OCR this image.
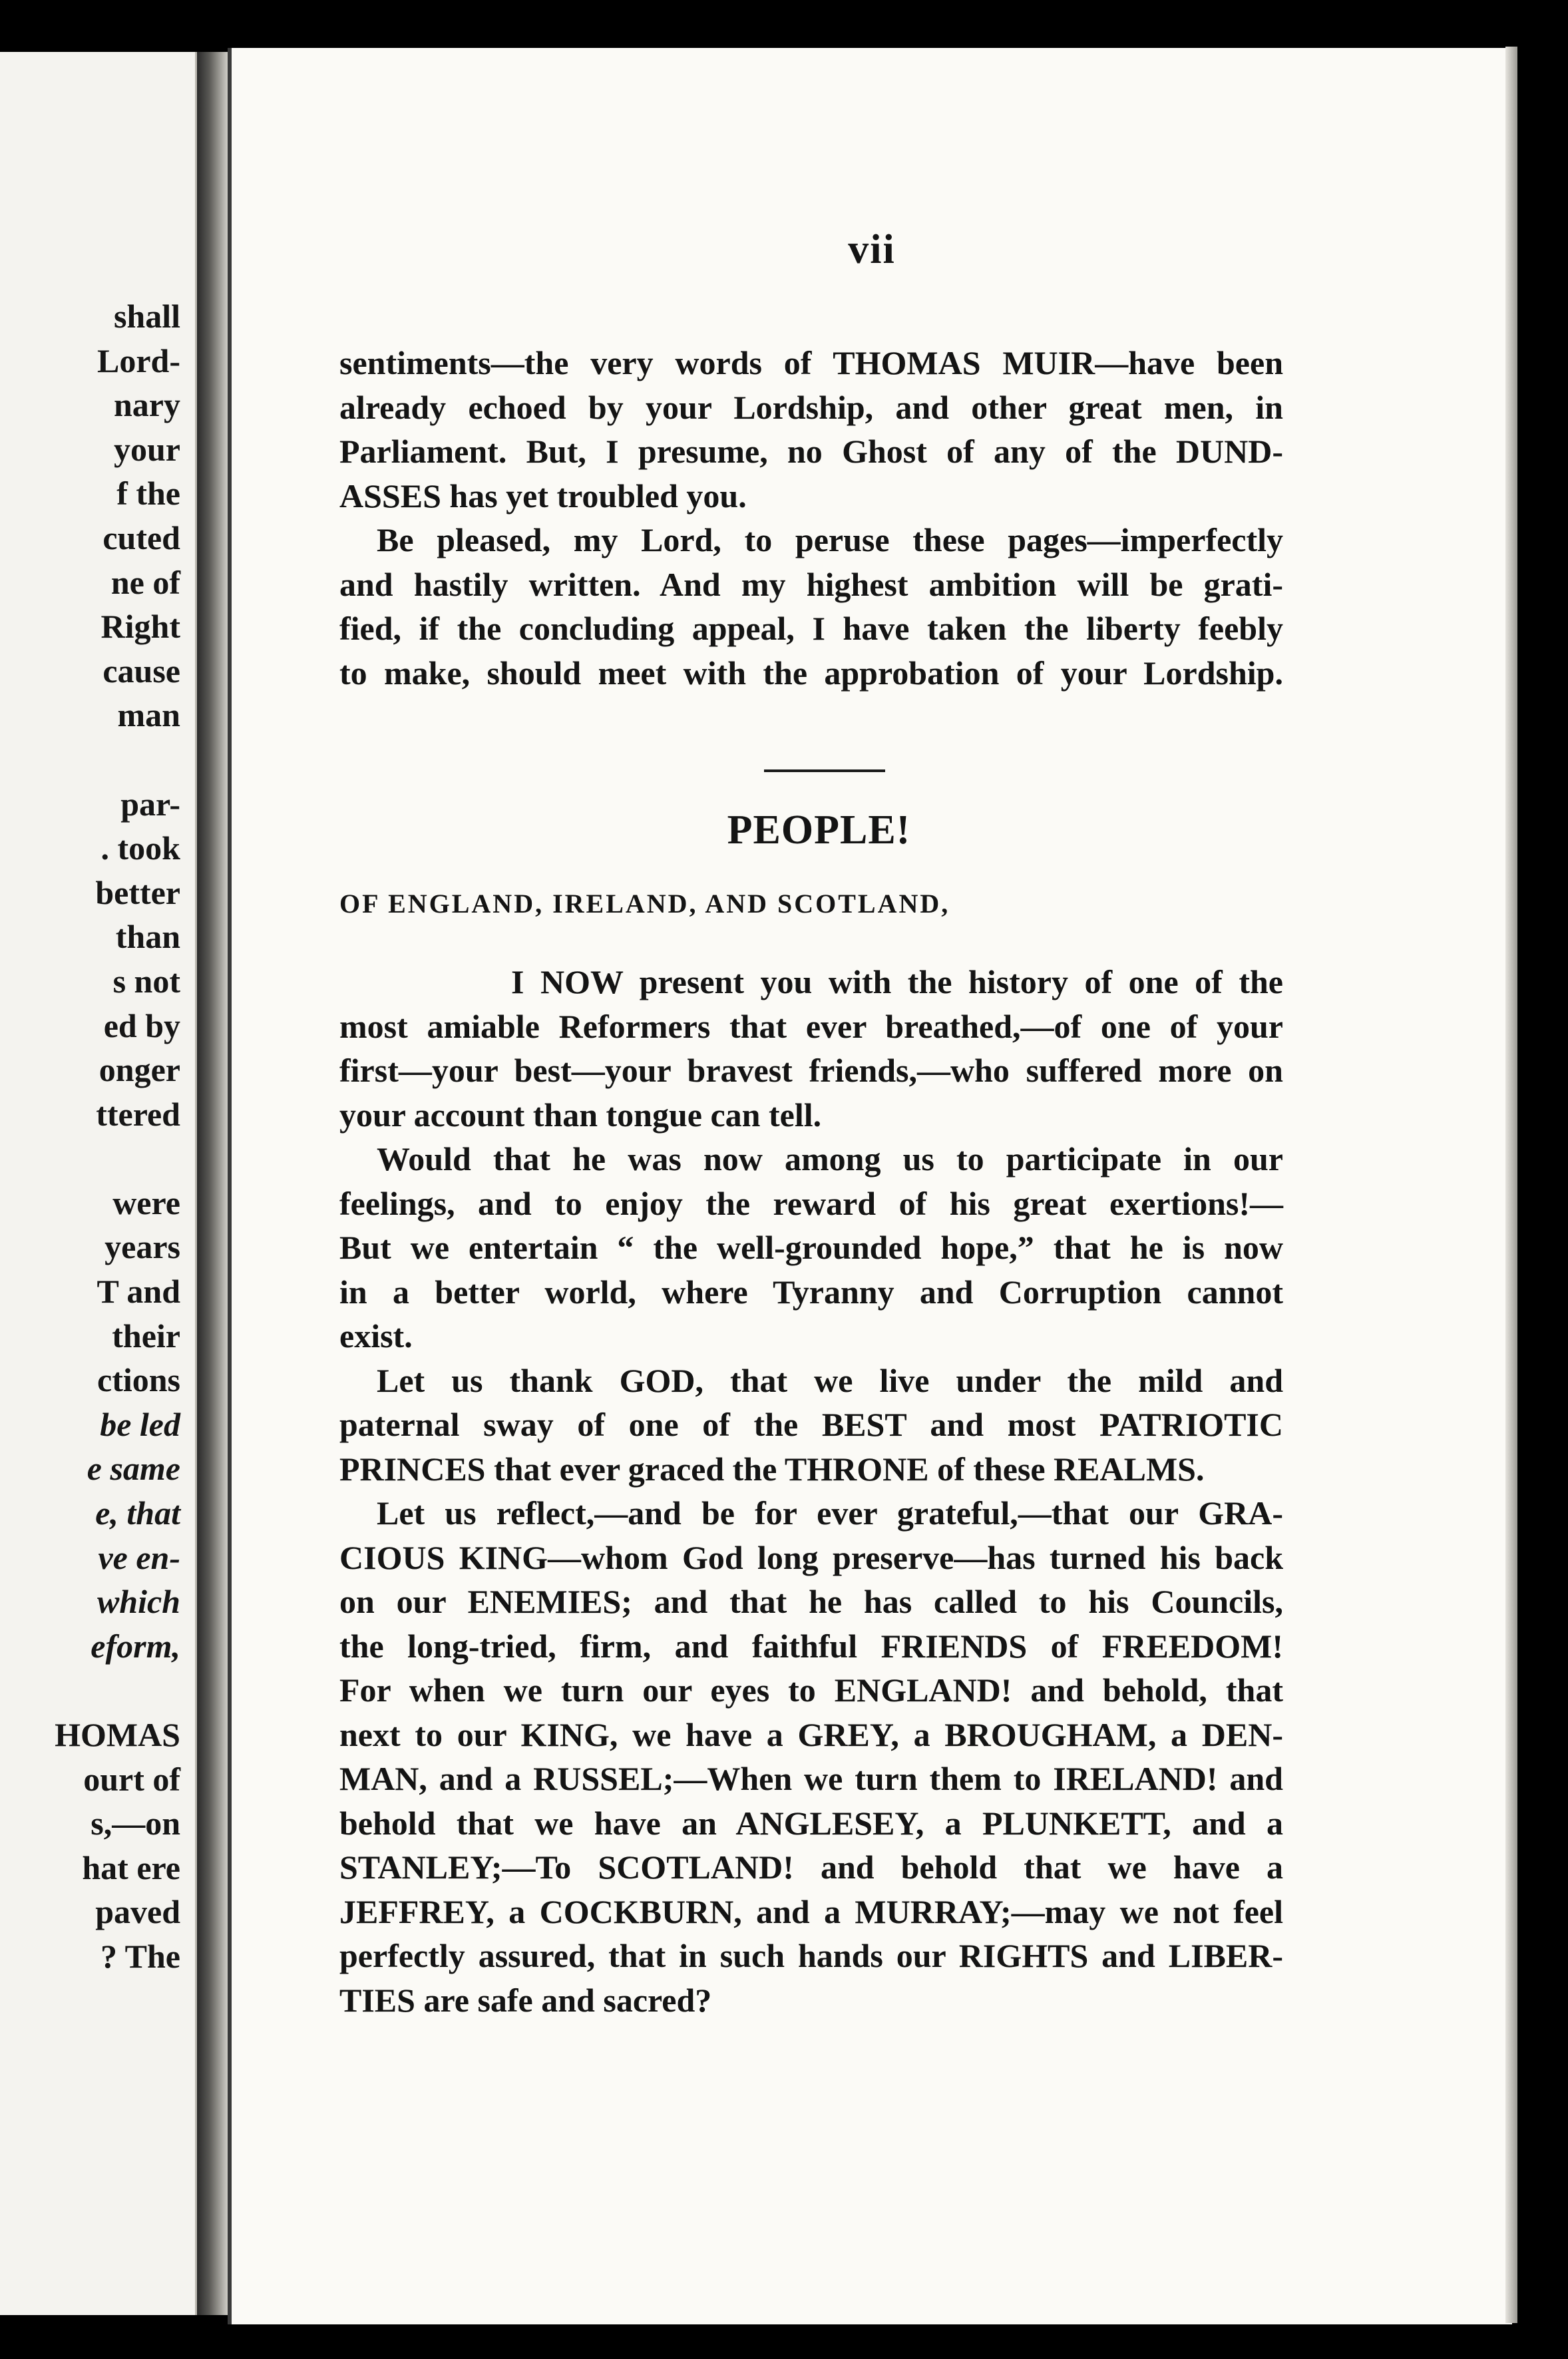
shall
Lord-
nary
your
f the
cuted
ne of
Right
cause
man
par-
. took
better
than
s not
ed by
onger
ttered
were
years
T and
their
ctions
be led
e same
e, that
ve en-
which
eform,
HOMAS
ourt of
s,—on
hat ere
paved
? The
vii
sentiments—the very words of THOMAS MUIR—have been
already echoed by your Lordship, and other great men, in
Parliament. But, I presume, no Ghost of any of the DUND-
ASSES has yet troubled you.
Be pleased, my Lord, to peruse these pages—imperfectly
and hastily written. And my highest ambition will be grati-
fied, if the concluding appeal, I have taken the liberty feebly
to make, should meet with the approbation of your Lordship.
PEOPLE!
OF ENGLAND, IRELAND, AND SCOTLAND,
I NOW present you with the history of one of the
most amiable Reformers that ever breathed,—of one of your
first—your best—your bravest friends,—who suffered more on
your account than tongue can tell.
Would that he was now among us to participate in our
feelings, and to enjoy the reward of his great exertions!—
But we entertain “ the well-grounded hope,” that he is now
in a better world, where Tyranny and Corruption cannot
exist.
Let us thank GOD, that we live under the mild and
paternal sway of one of the BEST and most PATRIOTIC
PRINCES that ever graced the THRONE of these REALMS.
Let us reflect,—and be for ever grateful,—that our GRA-
CIOUS KING—whom God long preserve—has turned his back
on our ENEMIES; and that he has called to his Councils,
the long-tried, firm, and faithful FRIENDS of FREEDOM!
For when we turn our eyes to ENGLAND! and behold, that
next to our KING, we have a GREY, a BROUGHAM, a DEN-
MAN, and a RUSSEL;—When we turn them to IRELAND! and
behold that we have an ANGLESEY, a PLUNKETT, and a
STANLEY;—To SCOTLAND! and behold that we have a
JEFFREY, a COCKBURN, and a MURRAY;—may we not feel
perfectly assured, that in such hands our RIGHTS and LIBER-
TIES are safe and sacred?
